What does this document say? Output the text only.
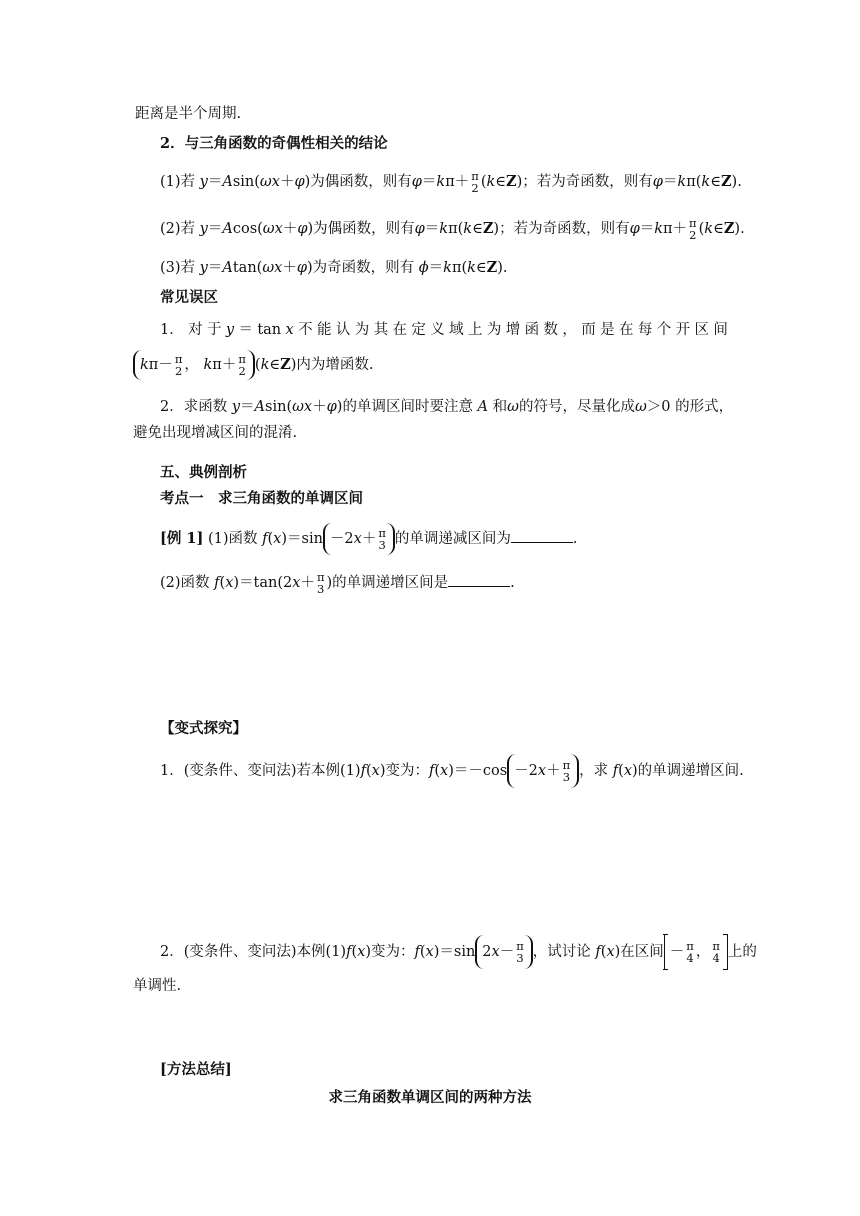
距离是半个周期.
2．与三角函数的奇偶性相关的结论
(1)若 y＝Asin(ωx＋φ)为偶函数，则有φ＝kπ＋ π
2 (k∈Z)；若为奇函数，则有φ＝kπ(k∈Z).
(2)若 y＝Acos(ωx＋φ)为偶函数，则有φ＝kπ(k∈Z)；若为奇函数，则有φ＝kπ＋ π
2 (k∈Z).
(3)若 y＝Atan(ωx＋φ)为奇函数，则有 ϕ＝kπ(k∈Z).
常见误区
1． 对 于 y ＝ tan x 不 能 认 为 其 在 定 义 域 上 为 增 函 数 ， 而 是 在 每 个 开 区 间
k π－ π
2 ，
k π＋ π
2 (k∈Z)内为增函数.
2．求函数 y＝Asin(ωx＋φ)的单调区间时要注意 A 和ω的符号，尽量化成ω＞0 的形式，
避免出现增减区间的混淆.
五、典例剖析
考点一　求三角函数的单调区间
[例 1] (1)函数 f(x)＝sin －2 x ＋ π
3 的单调递减区间为	.
(2)函数 f(x)＝tan(2x＋ π
3 )的单调递增区间是	.
【变式探究】
1．(变条件、变问法)若本例(1)f(x)变为：f(x)＝－cos －2 x ＋ π
3 ，求 f(x)的单调递增区间.
2．(变条件、变问法)本例(1)f(x)变为：f(x)＝sin 2 x － π
3 ，试讨论 f(x)在区间 － π
4 ， π
4 上的
单调性.
[方法总结]
求三角函数单调区间的两种方法
